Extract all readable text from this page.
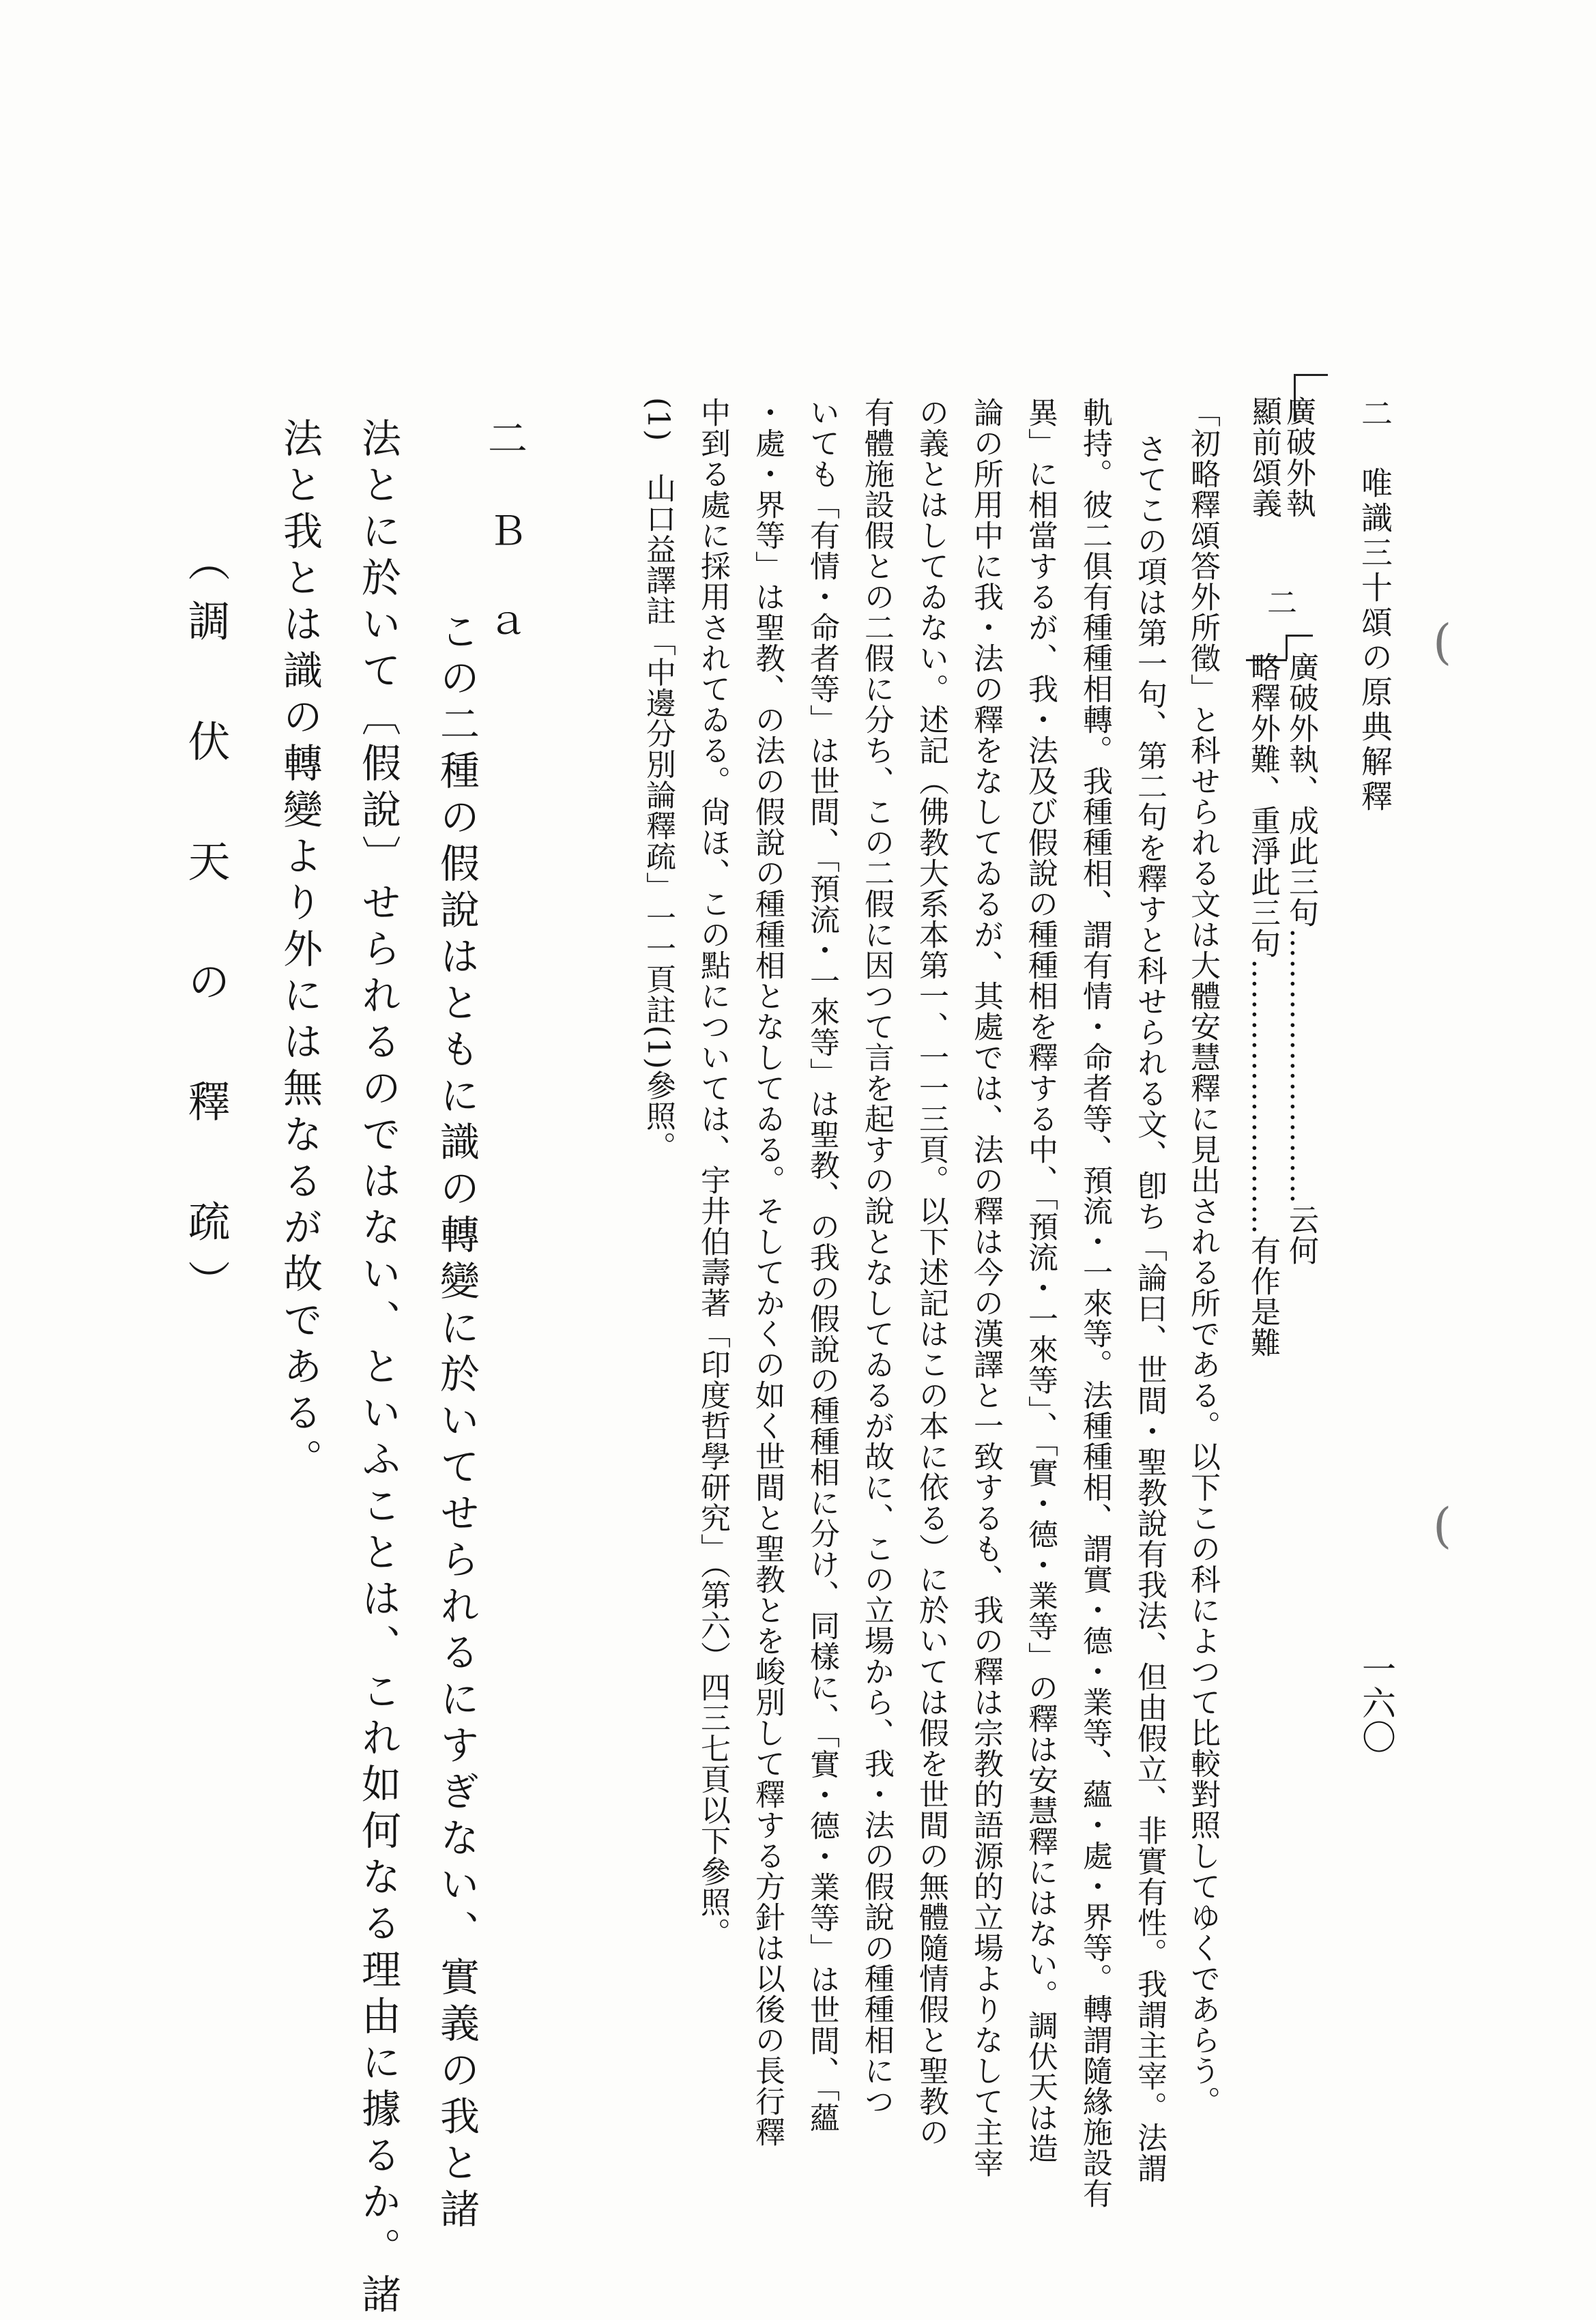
二　唯識三十頌の原典解釋
一六〇
廣破外執
顯前頌義
二
廣破外執、成此三句………………………云何
略釋外難、重淨此三句………………………有作是難
「初略釋頌答外所徵」と科せられる文は大體安慧釋に見出される所である。以下この科によつて比較對照してゆくであらう。
さてこの項は第一句、第二句を釋すと科せられる文、卽ち「論曰、世間・聖教說有我法、但由假立、非實有性。我謂主宰。法謂
軌持。彼二俱有種種相轉。我種種相、謂有情・命者等、預流・一來等。法種種相、謂實・德・業等、蘊・處・界等。轉謂隨緣施設有
異」に相當するが、我・法及び假說の種種相を釋する中、「預流・一來等」、「實・德・業等」の釋は安慧釋にはない。調伏天は造
論の所用中に我・法の釋をなしてゐるが、其處では、法の釋は今の漢譯と一致するも、我の釋は宗教的語源的立場よりなして主宰
の義とはしてゐない。述記（佛教大系本第一、一一三頁。以下述記はこの本に依る）に於いては假を世間の無體隨情假と聖教の
有體施設假との二假に分ち、この二假に因つて言を起すの說となしてゐるが故に、この立場から、我・法の假說の種種相につ
いても「有情・命者等」は世間、「預流・一來等」は聖教、の我の假說の種種相に分け、同樣に、「實・德・業等」は世間、「蘊
・處・界等」は聖教、の法の假說の種種相となしてゐる。そしてかくの如く世間と聖教とを峻別して釋する方針は以後の長行釋
中到る處に採用されてゐる。尙ほ、この點については、宇井伯壽著「印度哲學研究」（第六）四三七頁以下參照。
(1)　山口益譯註「中邊分別論釋疏」一一頁註(1)參照。
二　Ｂ　ａ
この二種の假說はともに識の轉變に於いてせられるにすぎない、實義の我と諸
法とに於いて〔假說〕せられるのではない、といふことは、これ如何なる理由に據るか。諸
法と我とは識の轉變より外には無なるが故である。
（調　伏　天　の　釋　疏）	(
(
